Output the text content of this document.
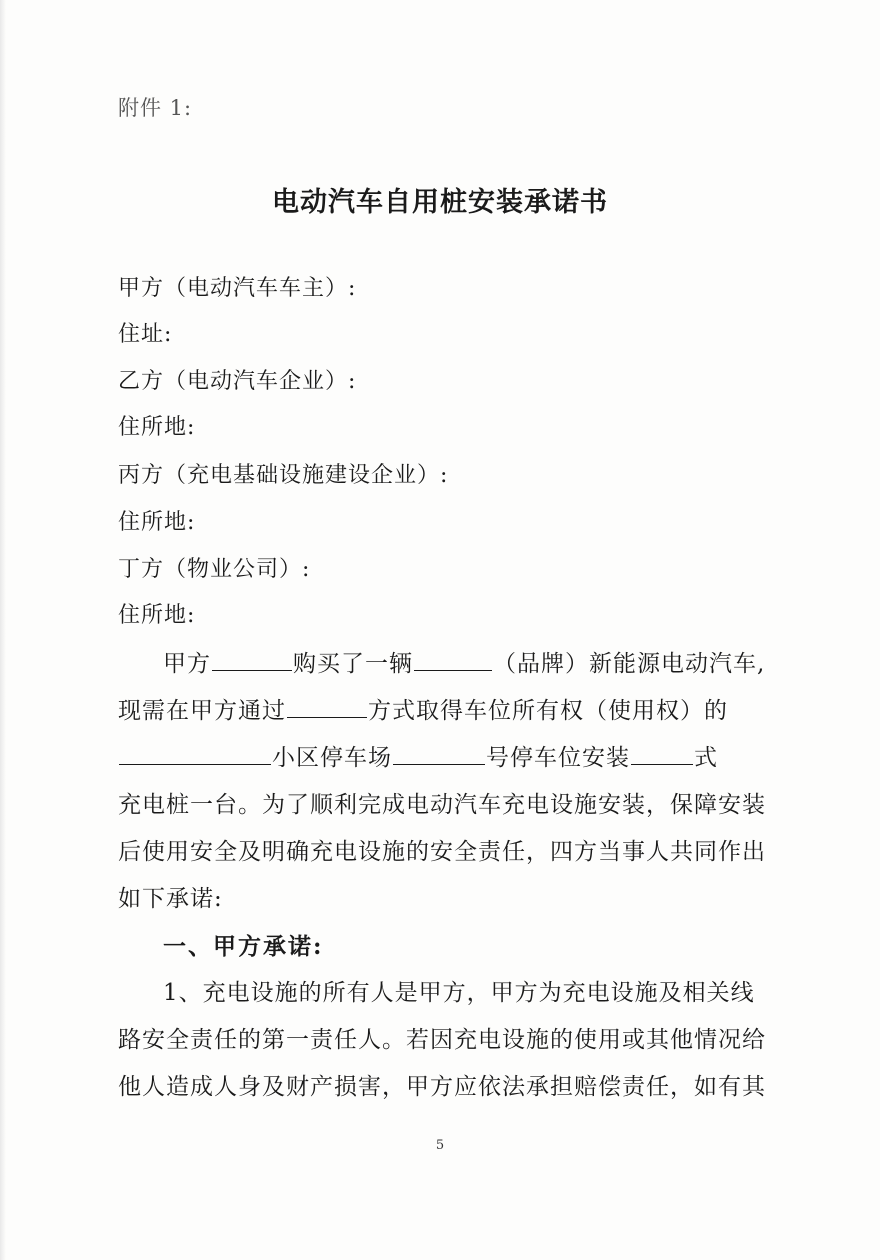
附件 1:
电动汽车自用桩安装承诺书
甲方（电动汽车车主）:
住址:
乙方（电动汽车企业）:
住所地:
丙方（充电基础设施建设企业）:
住所地:
丁方（物业公司）:
住所地:
甲方	购买了一辆	（品牌）新能源电动汽车,
现需在甲方通过	方式取得车位所有权（使用权）的
小区停车场	号停车位安装	式
充电桩一台。为了顺利完成电动汽车充电设施安装，保障安装
后使用安全及明确充电设施的安全责任，四方当事人共同作出
如下承诺:
一、甲方承诺:
1、充电设施的所有人是甲方，甲方为充电设施及相关线
路安全责任的第一责任人。若因充电设施的使用或其他情况给
他人造成人身及财产损害，甲方应依法承担赔偿责任，如有其
5
